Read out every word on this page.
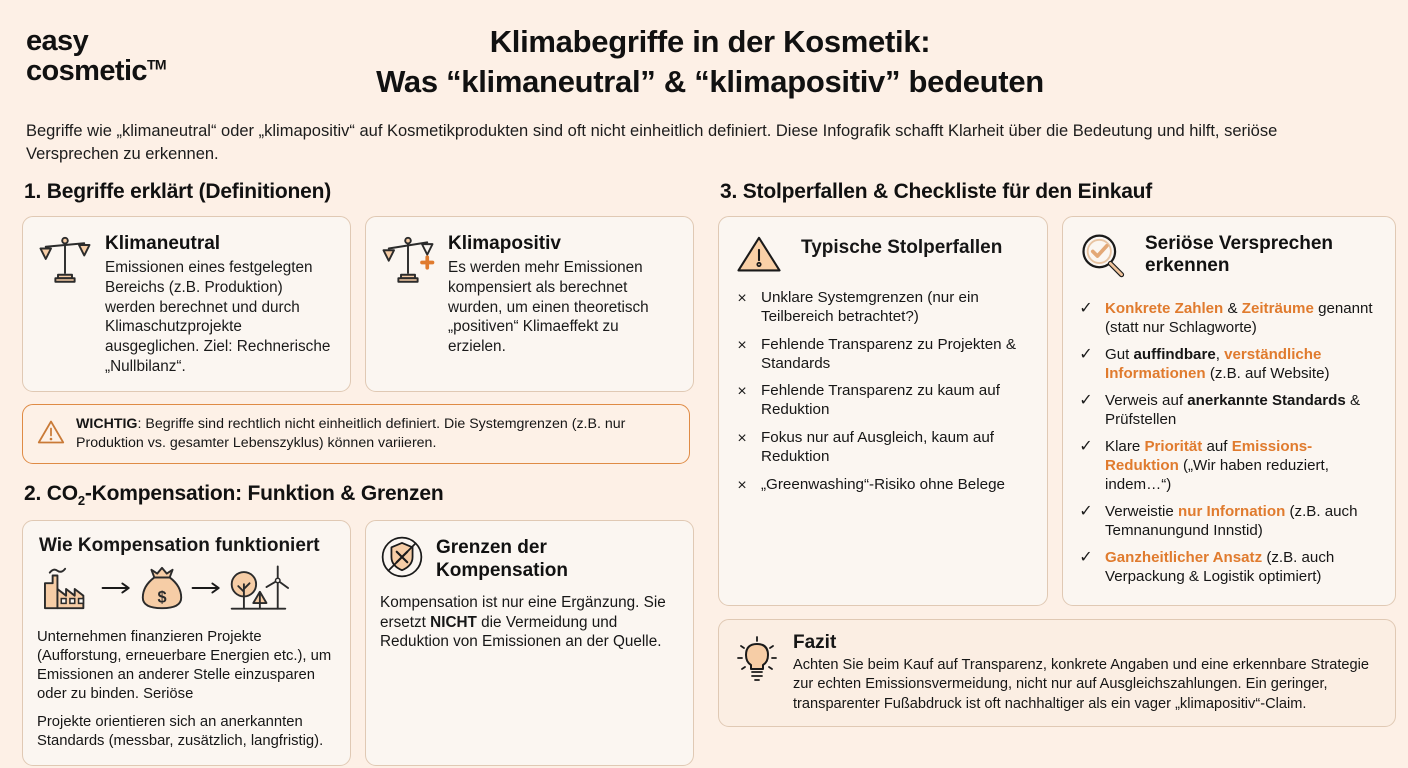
easy
cosmetic™
Klimabegriffe in der Kosmetik:
Was “klimaneutral” & “klimapositiv” bedeuten
Begriffe wie „klimaneutral“ oder „klimapositiv“ auf Kosmetikprodukten sind oft nicht einheitlich definiert. Diese Infografik schafft Klarheit über die Bedeutung und hilft, seriöse Versprechen zu erkennen.
1. Begriffe erklärt (Definitionen)
Klimaneutral
Emissionen eines festgelegten Bereichs (z.B. Produktion) werden berechnet und durch Klimaschutzprojekte ausgeglichen. Ziel: Rechnerische „Nullbilanz“.
Klimapositiv
Es werden mehr Emissionen kompensiert als berechnet wurden, um einen theoretisch „positiven“ Klimaeffekt zu erzielen.
WICHTIG: Begriffe sind rechtlich nicht einheitlich definiert. Die Systemgrenzen (z.B. nur Produktion vs. gesamter Lebenszyklus) können variieren.
2. $CO_2$-Kompensation: Funktion & Grenzen
Wie Kompensation funktioniert
$

Unternehmen finanzieren Projekte (Aufforstung, erneuerbare Energien etc.), um Emissionen an anderer Stelle einzusparen oder zu binden. Seriöse

Projekte orientieren sich an anerkannten Standards (messbar, zusätzlich, langfristig).

Grenzen der
Kompensation
Kompensation ist nur eine Ergänzung. Sie ersetzt NICHT die Vermeidung und Reduktion von Emissionen an der Quelle.
3. Stolperfallen & Checkliste für den Einkauf
Typische Stolperfallen
× Unklare Systemgrenzen (nur ein Teilbereich betrachtet?)
× Fehlende Transparenz zu Projekten & Standards
× Fehlende Transparenz zu kaum auf Reduktion
× Fokus nur auf Ausgleich, kaum auf Reduktion
× „Greenwashing“-Risiko ohne Belege
Seriöse Versprechen
erkennen
✓ Konkrete Zahlen & Zeiträume genannt (statt nur Schlagworte)
✓ Gut auffindbare, verständliche Informationen (z.B. auf Website)
✓ Verweis auf anerkannte Standards & Prüfstellen
✓ Klare Priorität auf Emissions-Reduktion („Wir haben reduziert, indem…“)
✓ Verweistie nur Infornation (z.B. auch Temnanungund Innstid)
✓ Ganzheitlicher Ansatz (z.B. auch Verpackung & Logistik optimiert)
Fazit
Achten Sie beim Kauf auf Transparenz, konkrete Angaben und eine erkennbare Strategie zur echten Emissionsvermeidung, nicht nur auf Ausgleichszahlungen. Ein geringer, transparenter Fußabdruck ist oft nachhaltiger als ein vager „klimapositiv“-Claim.
